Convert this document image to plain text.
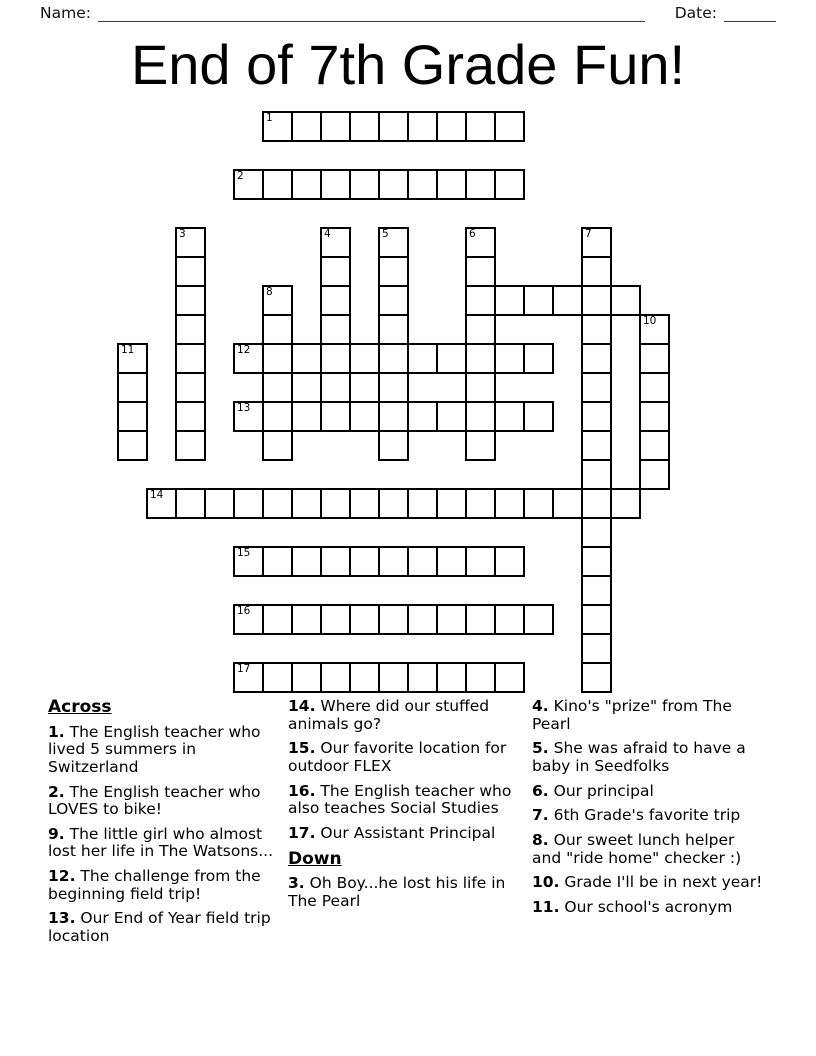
Name:	Date:
End of 7th Grade Fun!
1
2
3	4	5	6	7
8
10
11	12
13
14
15
16
17
Across
1. The English teacher who lived 5 summers in Switzerland
2. The English teacher who LOVES to bike!
9. The little girl who almost lost her life in The Watsons...
12. The challenge from the beginning field trip!
13. Our End of Year field trip location
14. Where did our stuffed animals go?
15. Our favorite location for outdoor FLEX
16. The English teacher who also teaches Social Studies
17. Our Assistant Principal
Down
3. Oh Boy...he lost his life in The Pearl
4. Kino's "prize" from The Pearl
5. She was afraid to have a baby in Seedfolks
6. Our principal
7. 6th Grade's favorite trip
8. Our sweet lunch helper and "ride home" checker :)
10. Grade I'll be in next year!
11. Our school's acronym
